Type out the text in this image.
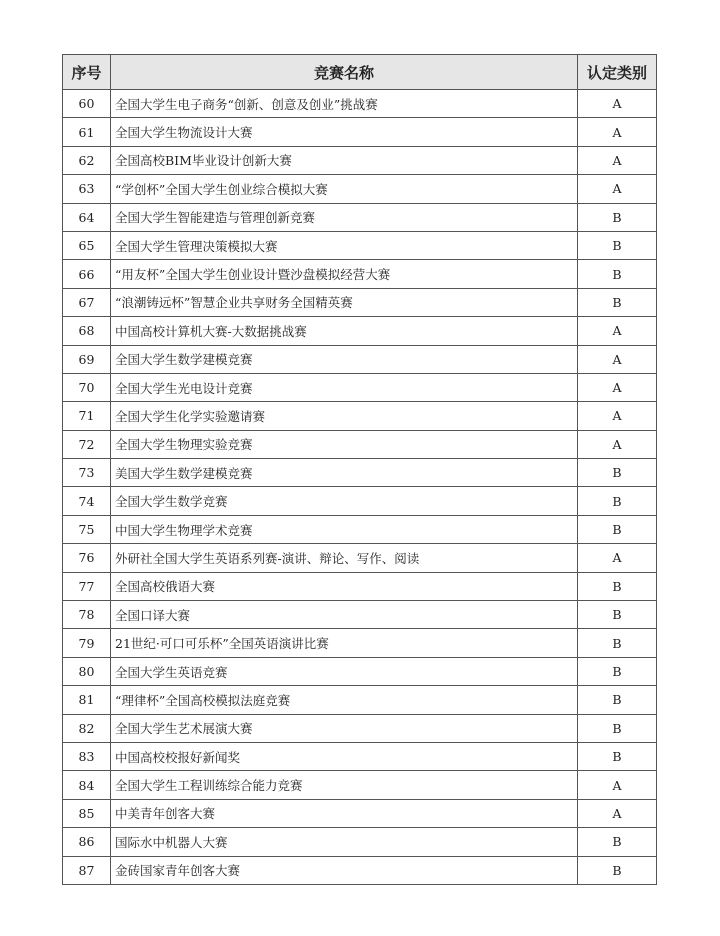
序号	竞赛名称	认定类别
60	全国大学生电子商务“创新、创意及创业”挑战赛	A
61	全国大学生物流设计大赛	A
62	全国高校BIM毕业设计创新大赛	A
63	“学创杯”全国大学生创业综合模拟大赛	A
64	全国大学生智能建造与管理创新竞赛	B
65	全国大学生管理决策模拟大赛	B
66	“用友杯”全国大学生创业设计暨沙盘模拟经营大赛	B
67	“浪潮铸远杯”智慧企业共享财务全国精英赛	B
68	中国高校计算机大赛-大数据挑战赛	A
69	全国大学生数学建模竞赛	A
70	全国大学生光电设计竞赛	A
71	全国大学生化学实验邀请赛	A
72	全国大学生物理实验竞赛	A
73	美国大学生数学建模竞赛	B
74	全国大学生数学竞赛	B
75	中国大学生物理学术竞赛	B
76	外研社全国大学生英语系列赛-演讲、辩论、写作、阅读	A
77	全国高校俄语大赛	B
78	全国口译大赛	B
79	21世纪·可口可乐杯”全国英语演讲比赛	B
80	全国大学生英语竞赛	B
81	“理律杯”全国高校模拟法庭竞赛	B
82	全国大学生艺术展演大赛	B
83	中国高校校报好新闻奖	B
84	全国大学生工程训练综合能力竞赛	A
85	中美青年创客大赛	A
86	国际水中机器人大赛	B
87	金砖国家青年创客大赛	B
